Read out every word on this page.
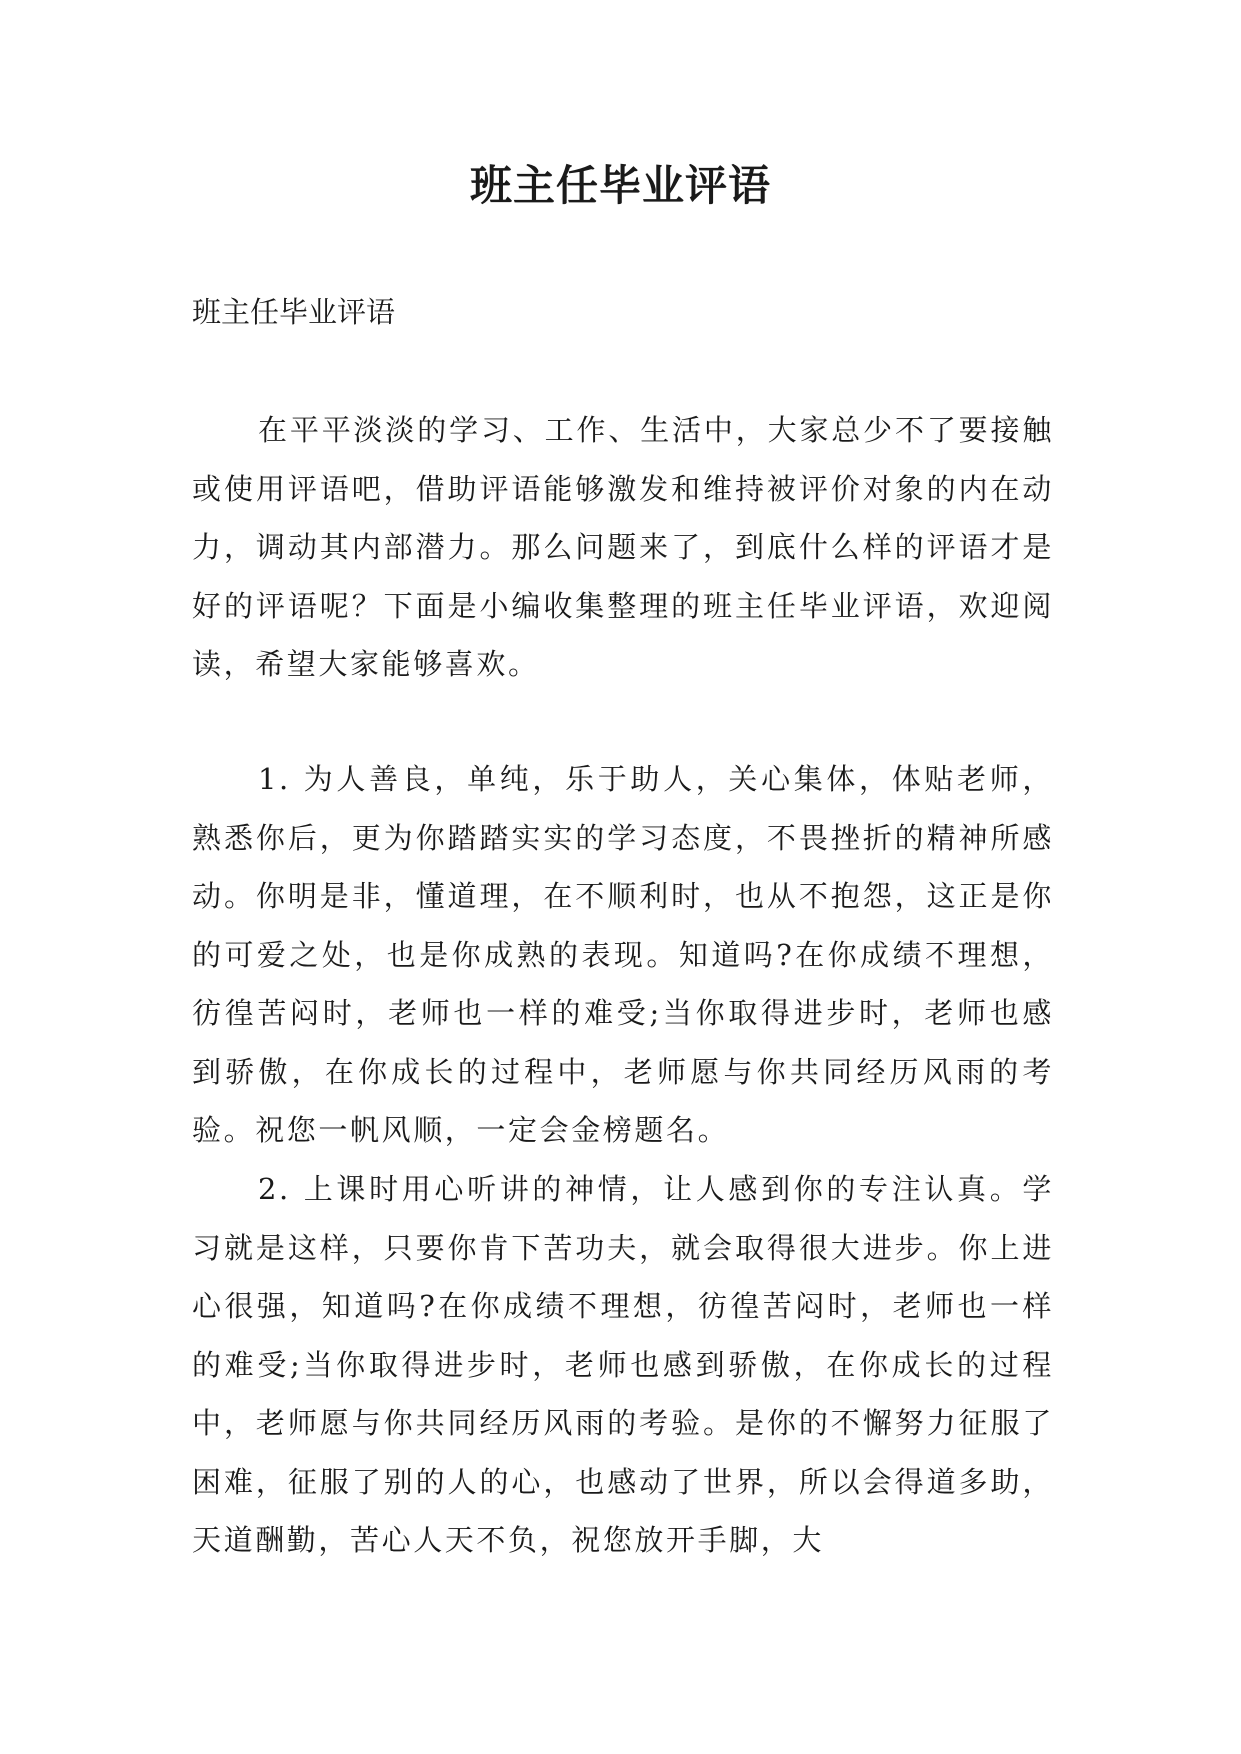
班主任毕业评语

班主任毕业评语

在平平淡淡的学习、工作、生活中，大家总少不了要接触或使用评语吧，借助评语能够激发和维持被评价对象的内在动力，调动其内部潜力。那么问题来了，到底什么样的评语才是好的评语呢？下面是小编收集整理的班主任毕业评语，欢迎阅读，希望大家能够喜欢。

1. 为人善良，单纯，乐于助人，关心集体，体贴老师，熟悉你后，更为你踏踏实实的学习态度，不畏挫折的精神所感动。你明是非，懂道理，在不顺利时，也从不抱怨，这正是你的可爱之处，也是你成熟的表现。知道吗?在你成绩不理想，彷徨苦闷时，老师也一样的难受;当你取得进步时，老师也感到骄傲，在你成长的过程中，老师愿与你共同经历风雨的考验。祝您一帆风顺，一定会金榜题名。

2. 上课时用心听讲的神情，让人感到你的专注认真。学习就是这样，只要你肯下苦功夫，就会取得很大进步。你上进心很强，知道吗?在你成绩不理想，彷徨苦闷时，老师也一样的难受;当你取得进步时，老师也感到骄傲，在你成长的过程中，老师愿与你共同经历风雨的考验。是你的不懈努力征服了困难，征服了别的人的心，也感动了世界，所以会得道多助，天道酬勤，苦心人天不负，祝您放开手脚，大
